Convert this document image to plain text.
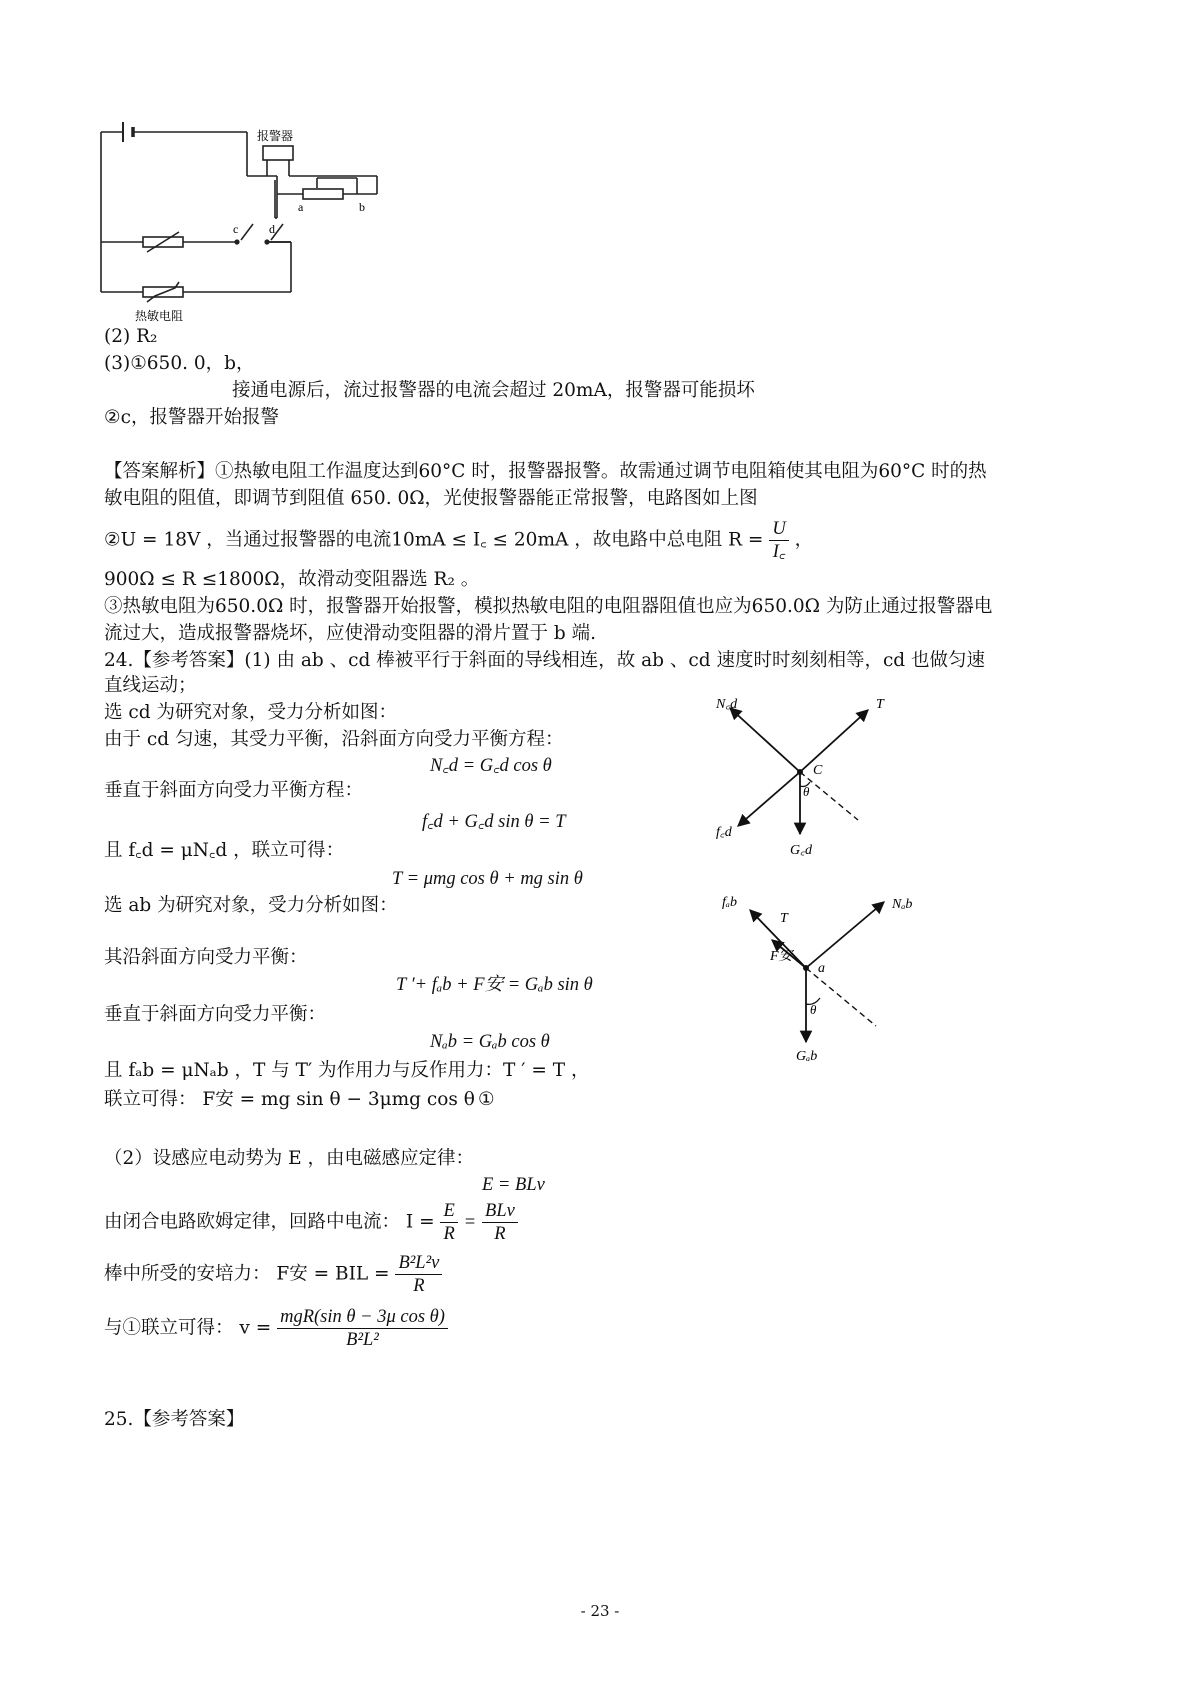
报警器
a	b
c	d
热敏电阻
(2) R₂
(3)①650. 0，b，
接通电源后，流过报警器的电流会超过 20mA，报警器可能损坏
②c，报警器开始报警
【答案解析】①热敏电阻工作温度达到60°C 时，报警器报警。故需通过调节电阻箱使其电阻为60°C 时的热
敏电阻的阻值，即调节到阻值 650. 0Ω，光使报警器能正常报警，电路图如上图
②U = 18V ，当通过报警器的电流10mA ≤ I꜀ ≤ 20mA ，故电路中总电阻 $R = \frac{U}{I꜀}$ ，
900Ω ≤ R ≤1800Ω，故滑动变阻器选 R₂ 。
③热敏电阻为650.0Ω 时，报警器开始报警，模拟热敏电阻的电阻器阻值也应为650.0Ω 为防止通过报警器电
流过大，造成报警器烧坏，应使滑动变阻器的滑片置于 b 端.
24.【参考答案】(1) 由 ab 、cd 棒被平行于斜面的导线相连，故 ab 、cd 速度时时刻刻相等，cd 也做匀速
直线运动；
选 cd 为研究对象，受力分析如图：
由于 cd 匀速，其受力平衡，沿斜面方向受力平衡方程：
N꜀d = G꜀d cos θ
垂直于斜面方向受力平衡方程：
f꜀d + G꜀d sin θ = T
且 f꜀d = μN꜀d ，联立可得：
T = μmg cos θ + mg sin θ
选 ab 为研究对象，受力分析如图：
其沿斜面方向受力平衡：
T ′+ fₐb + F安 = Gₐb sin θ
垂直于斜面方向受力平衡：
Nₐb = Gₐb cos θ
且 fₐb = μNₐb ，T 与 T′ 为作用力与反作用力：T ′ = T ，
联立可得： F安 = mg sin θ − 3μmg cos θ ①
（2）设感应电动势为 E ，由电磁感应定律：
E = BLv
由闭合电路欧姆定律，回路中电流： $I = \frac{E}{R} = \frac{\text{BLv}}{R}$
棒中所受的安培力： F安 = BIL = $\frac{\text{B²L²v}}{R}$
与①联立可得： $v = \frac{\text{mgR(sin θ − 3μ cos θ)}}{\text{B²L²}}$
25.【参考答案】
- 23 -
N꜀d	T
C
θ
f꜀d
G꜀d
fₐb
T
Nₐb
F安
a
θ
Gₐb
